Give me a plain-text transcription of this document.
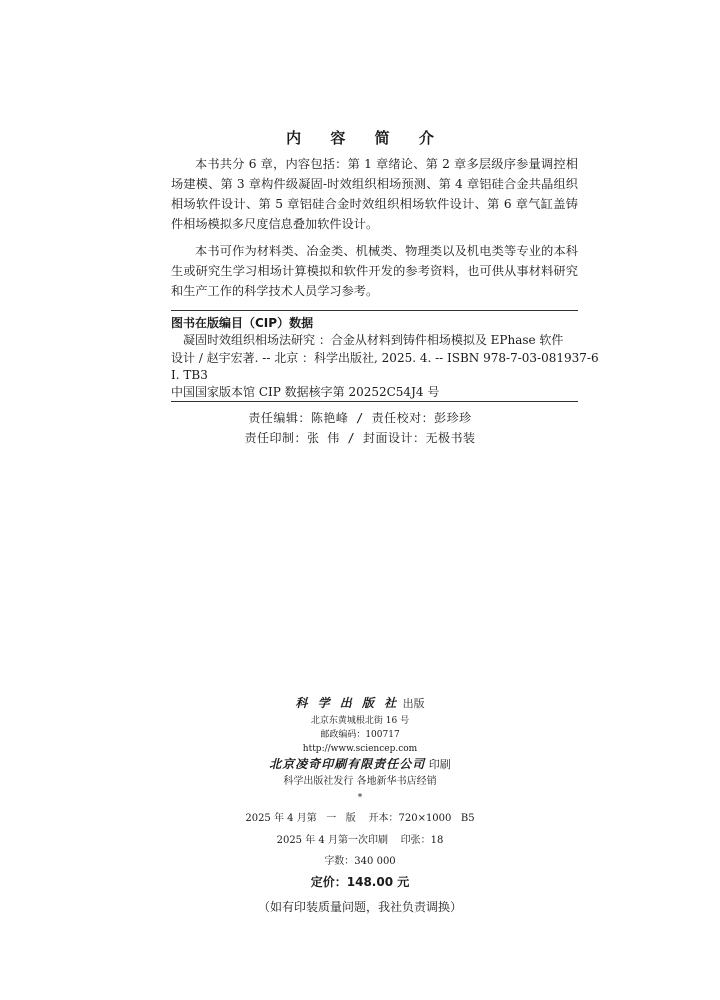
内 容 简 介

本书共分 6 章，内容包括：第 1 章绪论、第 2 章多层级序参量调控相场建模、第 3 章构件级凝固-时效组织相场预测、第 4 章铝硅合金共晶组织相场软件设计、第 5 章铝硅合金时效组织相场软件设计、第 6 章气缸盖铸件相场模拟多尺度信息叠加软件设计。

本书可作为材料类、冶金类、机械类、物理类以及机电类等专业的本科生或研究生学习相场计算模拟和软件开发的参考资料，也可供从事材料研究和生产工作的科学技术人员学习参考。

图书在版编目（CIP）数据
凝固时效组织相场法研究 ：合金从材料到铸件相场模拟及 EPhase 软件
设计 / 赵宇宏著. -- 北京 ：科学出版社, 2025. 4. -- ISBN 978-7-03-081937-6
Ⅰ. TB3
中国国家版本馆 CIP 数据核字第 20252C54J4 号
责任编辑：陈艳峰 / 责任校对：彭珍珍
责任印制：张 伟 / 封面设计：无极书装
科 学 出 版 社 出版
北京东黄城根北街 16 号
邮政编码：100717
http://www.sciencep.com
北京凌奇印刷有限责任公司 印刷
科学出版社发行 各地新华书店经销
*
2025 年 4 月第   一   版    开本：720×1000   B5
2025 年 4 月第一次印刷    印张：18
字数：340 000
定价：148.00 元
（如有印装质量问题，我社负责调换）
